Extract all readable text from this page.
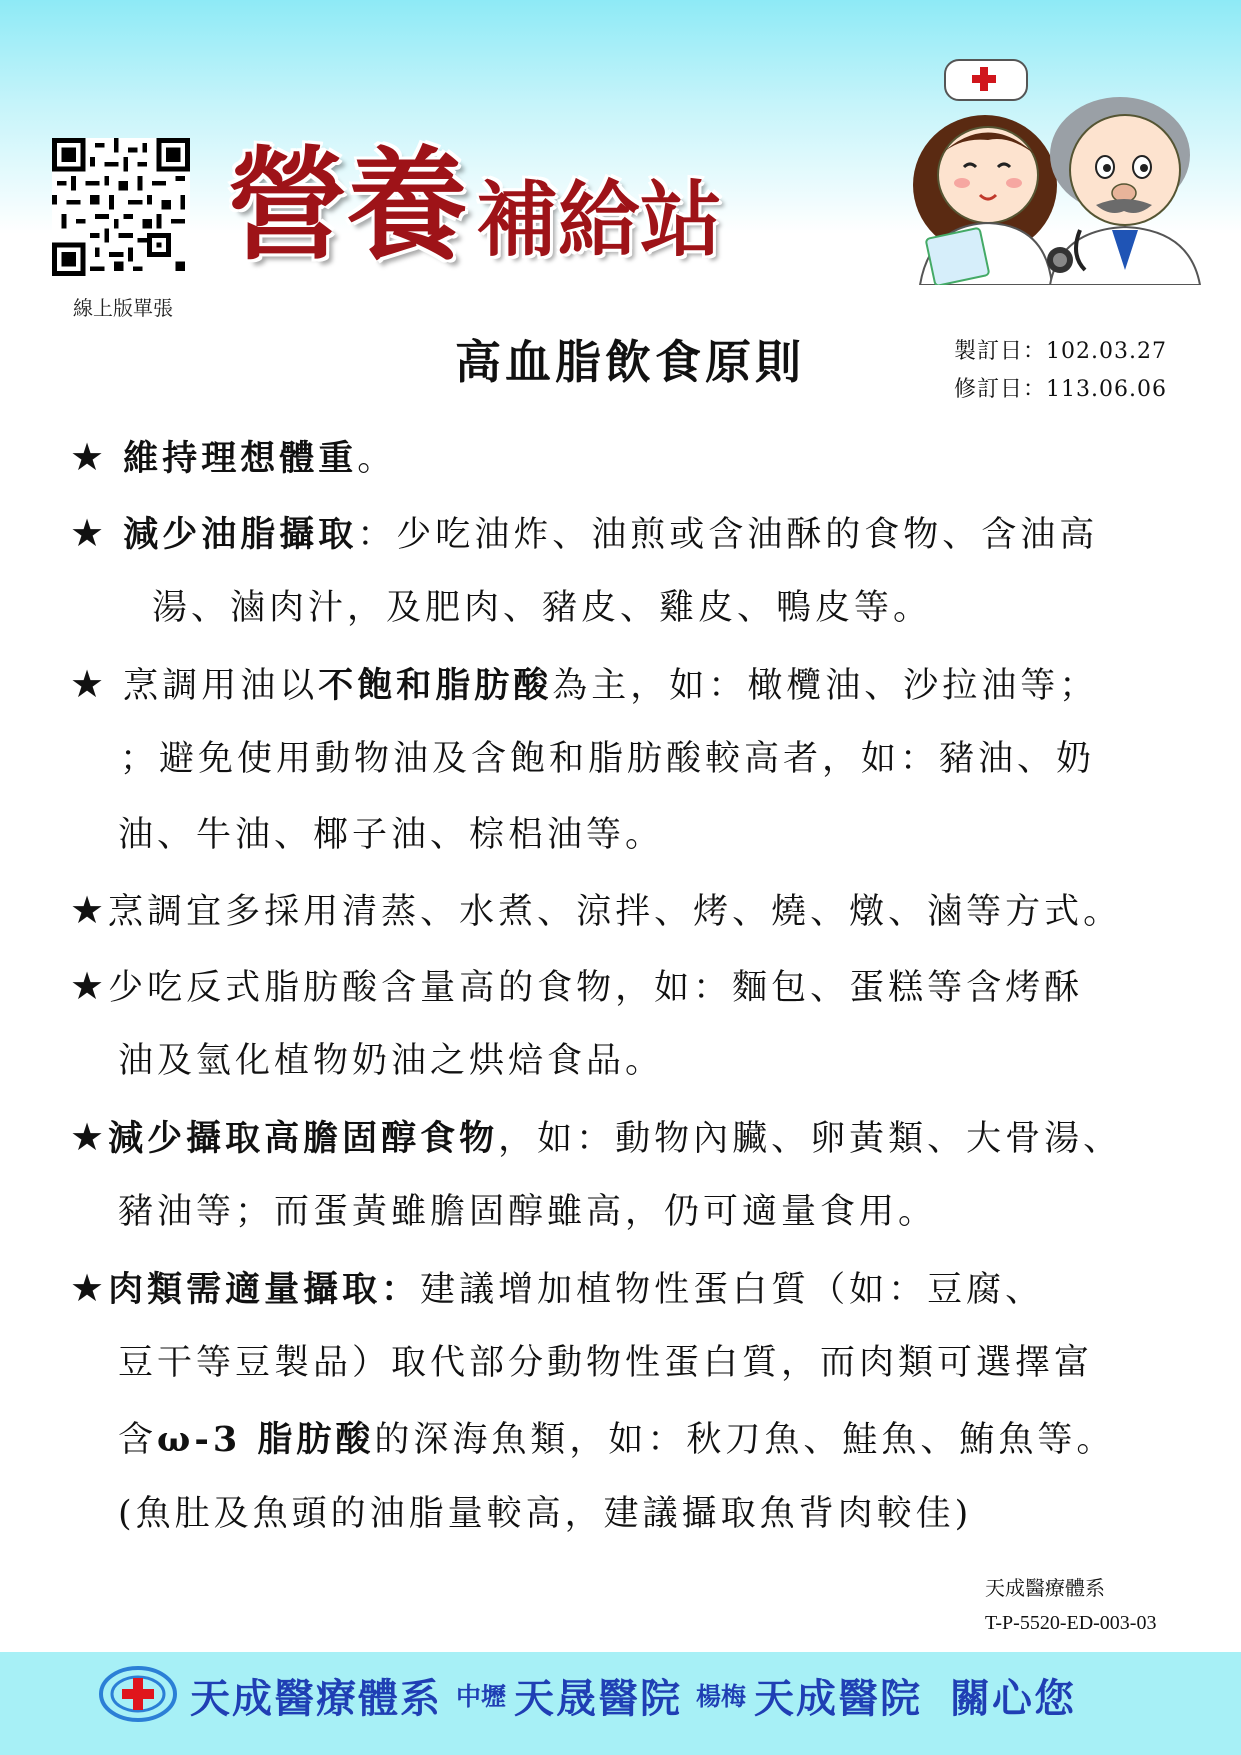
線上版單張
營養 補給站
高血脂飲食原則	製訂日：102.03.27
修訂日：113.06.06
★ 維持理想體重。
★ 減少油脂攝取：少吃油炸、油煎或含油酥的食物、含油高
湯、滷肉汁，及肥肉、豬皮、雞皮、鴨皮等。
★ 烹調用油以不飽和脂肪酸為主，如：橄欖油、沙拉油等；
；避免使用動物油及含飽和脂肪酸較高者，如：豬油、奶
油、牛油、椰子油、棕梠油等。
★烹調宜多採用清蒸、水煮、涼拌、烤、燒、燉、滷等方式。
★少吃反式脂肪酸含量高的食物，如：麵包、蛋糕等含烤酥
油及氫化植物奶油之烘焙食品。
★減少攝取高膽固醇食物，如：動物內臟、卵黃類、大骨湯、
豬油等；而蛋黃雖膽固醇雖高，仍可適量食用。
★肉類需適量攝取：建議增加植物性蛋白質（如：豆腐、
豆干等豆製品）取代部分動物性蛋白質，而肉類可選擇富
含ω-3 脂肪酸的深海魚類，如：秋刀魚、鮭魚、鮪魚等。
(魚肚及魚頭的油脂量較高，建議攝取魚背肉較佳)
天成醫療體系
T-P-5520-ED-003-03
天成醫療體系 中壢 天晟醫院 楊梅 天成醫院 關心您
